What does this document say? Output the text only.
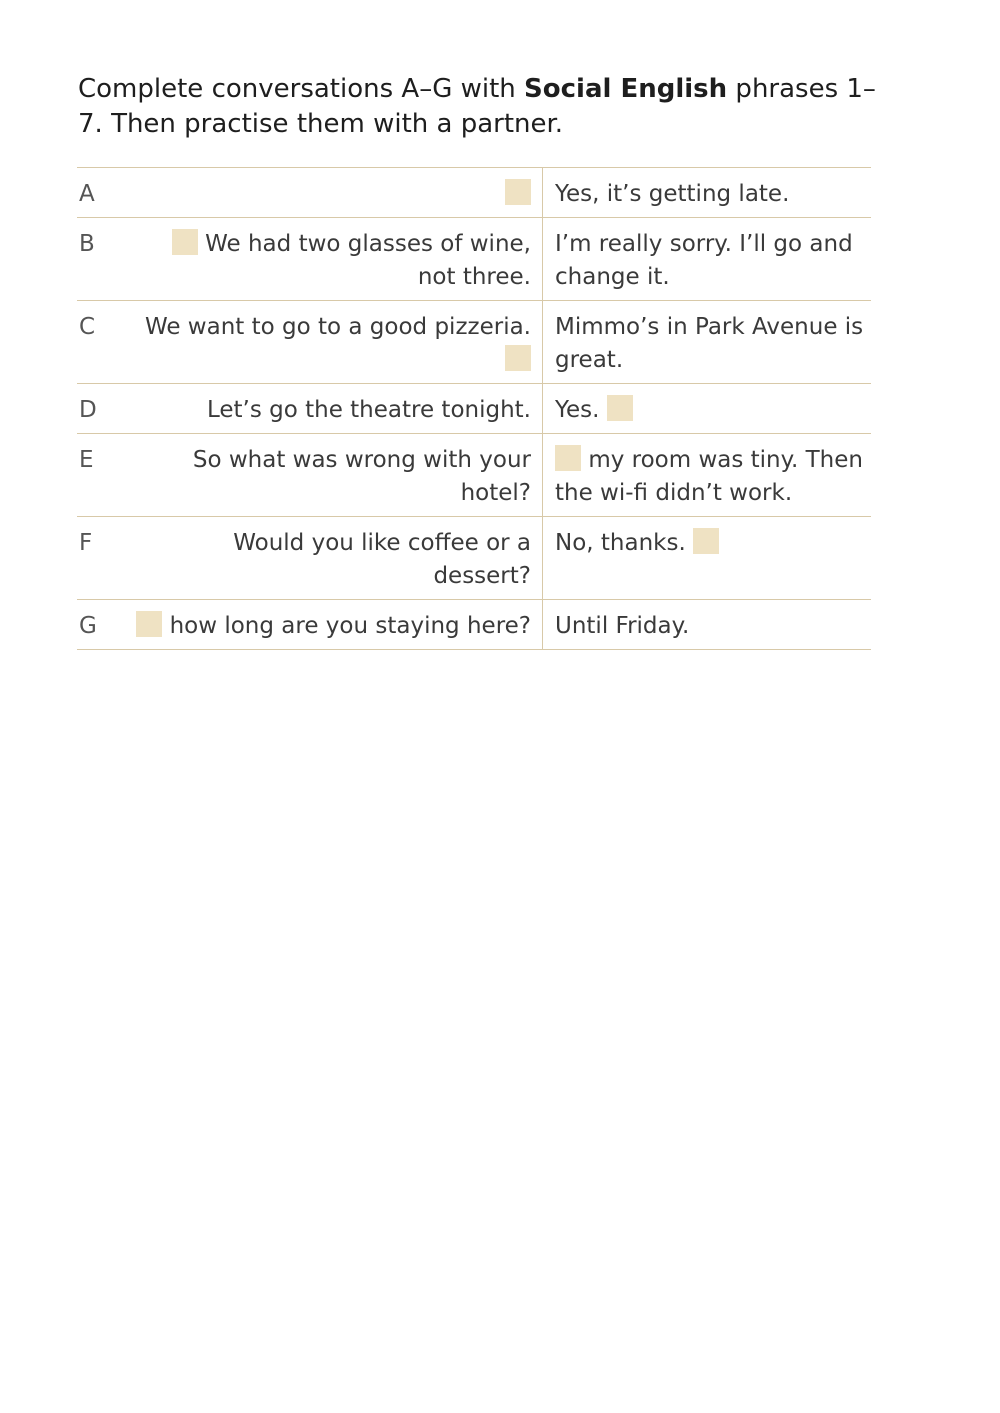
Complete conversations A–G with Social English phrases 1–7. Then practise them with a partner.
A		Yes, it’s getting late.
B	We had two glasses of wine, not three.	I’m really sorry. I’ll go and change it.
C	We want to go to a good pizzeria.	Mimmo’s in Park Avenue is great.
D	Let’s go the theatre tonight.	Yes.
E	So what was wrong with your hotel?	my room was tiny. Then the wi-fi didn’t work.
F	Would you like coffee or a dessert?	No, thanks.
G	how long are you staying here?	Until Friday.
